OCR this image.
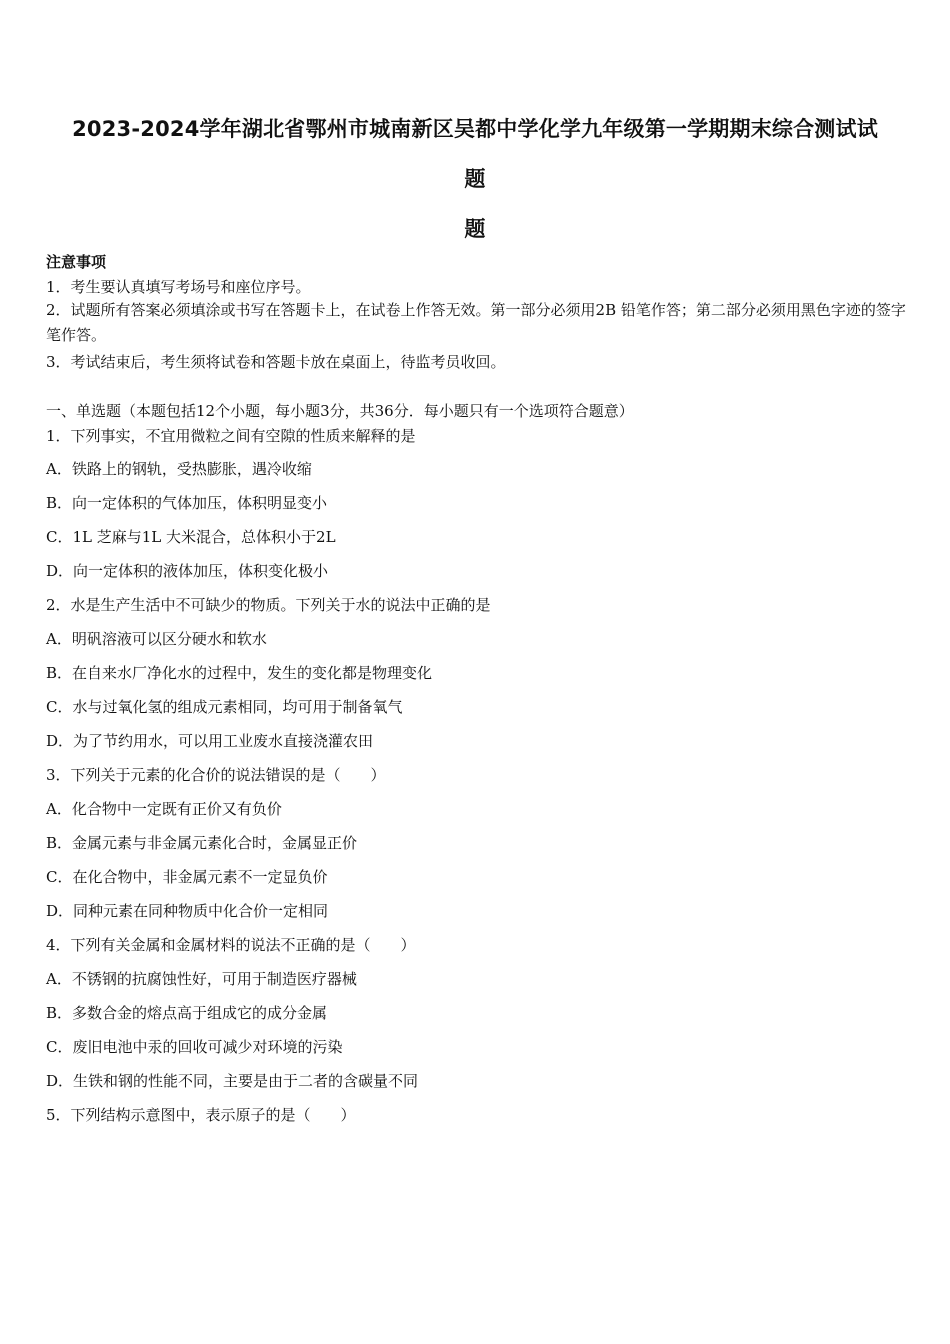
2023-2024学年湖北省鄂州市城南新区吴都中学化学九年级第一学期期末综合测试试
题
题
注意事项
1．考生要认真填写考场号和座位序号。
2．试题所有答案必须填涂或书写在答题卡上，在试卷上作答无效。第一部分必须用2B 铅笔作答；第二部分必须用黑色字迹的签字笔作答。
3．考试结束后，考生须将试卷和答题卡放在桌面上，待监考员收回。
一、单选题（本题包括12个小题，每小题3分，共36分．每小题只有一个选项符合题意）
1．下列事实，不宜用微粒之间有空隙的性质来解释的是
A．铁路上的钢轨，受热膨胀，遇冷收缩
B．向一定体积的气体加压，体积明显变小
C．1L 芝麻与1L 大米混合，总体积小于2L
D．向一定体积的液体加压，体积变化极小
2．水是生产生活中不可缺少的物质。下列关于水的说法中正确的是
A．明矾溶液可以区分硬水和软水
B．在自来水厂净化水的过程中，发生的变化都是物理变化
C．水与过氧化氢的组成元素相同，均可用于制备氧气
D．为了节约用水，可以用工业废水直接浇灌农田
3．下列关于元素的化合价的说法错误的是（　　）
A．化合物中一定既有正价又有负价
B．金属元素与非金属元素化合时，金属显正价
C．在化合物中，非金属元素不一定显负价
D．同种元素在同种物质中化合价一定相同
4．下列有关金属和金属材料的说法不正确的是（　　）
A．不锈钢的抗腐蚀性好，可用于制造医疗器械
B．多数合金的熔点高于组成它的成分金属
C．废旧电池中汞的回收可减少对环境的污染
D．生铁和钢的性能不同，主要是由于二者的含碳量不同
5．下列结构示意图中，表示原子的是（　　）
